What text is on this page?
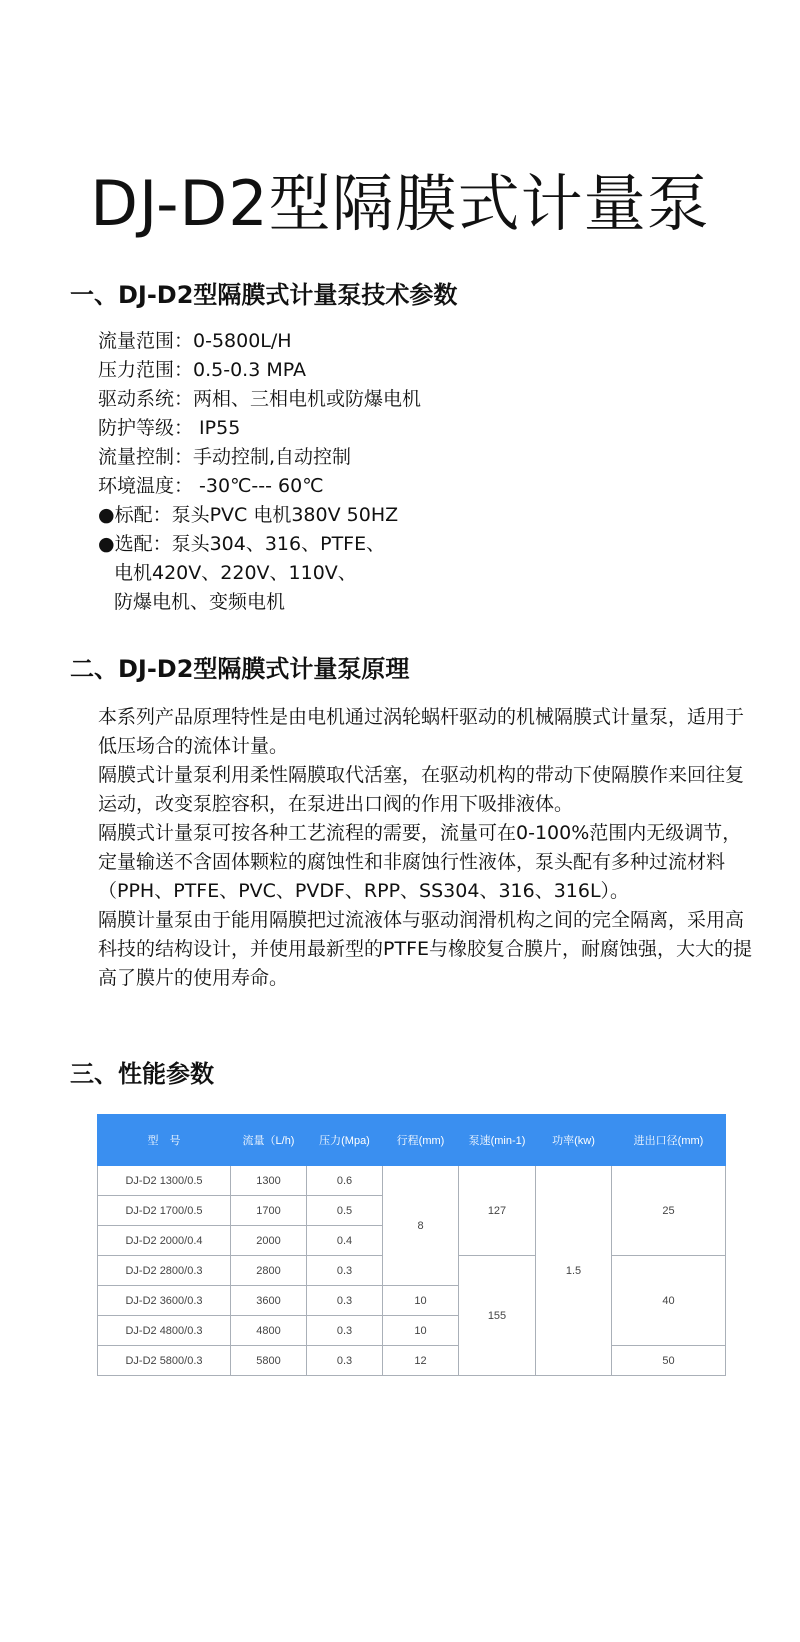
DJ-D2型隔膜式计量泵
一、DJ-D2型隔膜式计量泵技术参数
流量范围：0-5800L/H
压力范围：0.5-0.3 MPA
驱动系统：两相、三相电机或防爆电机
防护等级： IP55
流量控制：手动控制,自动控制
环境温度： -30℃--- 60℃
●标配：泵头PVC 电机380V 50HZ
●选配：泵头304、316、PTFE、
电机420V、220V、110V、
防爆电机、变频电机
二、DJ-D2型隔膜式计量泵原理

本系列产品原理特性是由电机通过涡轮蜗杆驱动的机械隔膜式计量泵，适用于低压场合的流体计量。

隔膜式计量泵利用柔性隔膜取代活塞，在驱动机构的带动下使隔膜作来回往复运动，改变泵腔容积，在泵进出口阀的作用下吸排液体。

隔膜式计量泵可按各种工艺流程的需要，流量可在0-100%范围内无级调节，定量输送不含固体颗粒的腐蚀性和非腐蚀行性液体，泵头配有多种过流材料（PPH、PTFE、PVC、PVDF、RPP、SS304、316、316L）。

隔膜计量泵由于能用隔膜把过流液体与驱动润滑机构之间的完全隔离，采用高科技的结构设计，并使用最新型的PTFE与橡胶复合膜片，耐腐蚀强，大大的提高了膜片的使用寿命。

三、性能参数
型　号	流量（L/h)	压力(Mpa)	行程(mm)	泵速(min-1)	功率(kw)	进出口径(mm)
DJ-D2 1300/0.5	1300	0.6	8	127	1.5	25
DJ-D2 1700/0.5	1700	0.5				
DJ-D2 2000/0.4	2000	0.4				
DJ-D2 2800/0.3	2800	0.3		155		40
DJ-D2 3600/0.3	3600	0.3	10			
DJ-D2 4800/0.3	4800	0.3	10			
DJ-D2 5800/0.3	5800	0.3	12			50
